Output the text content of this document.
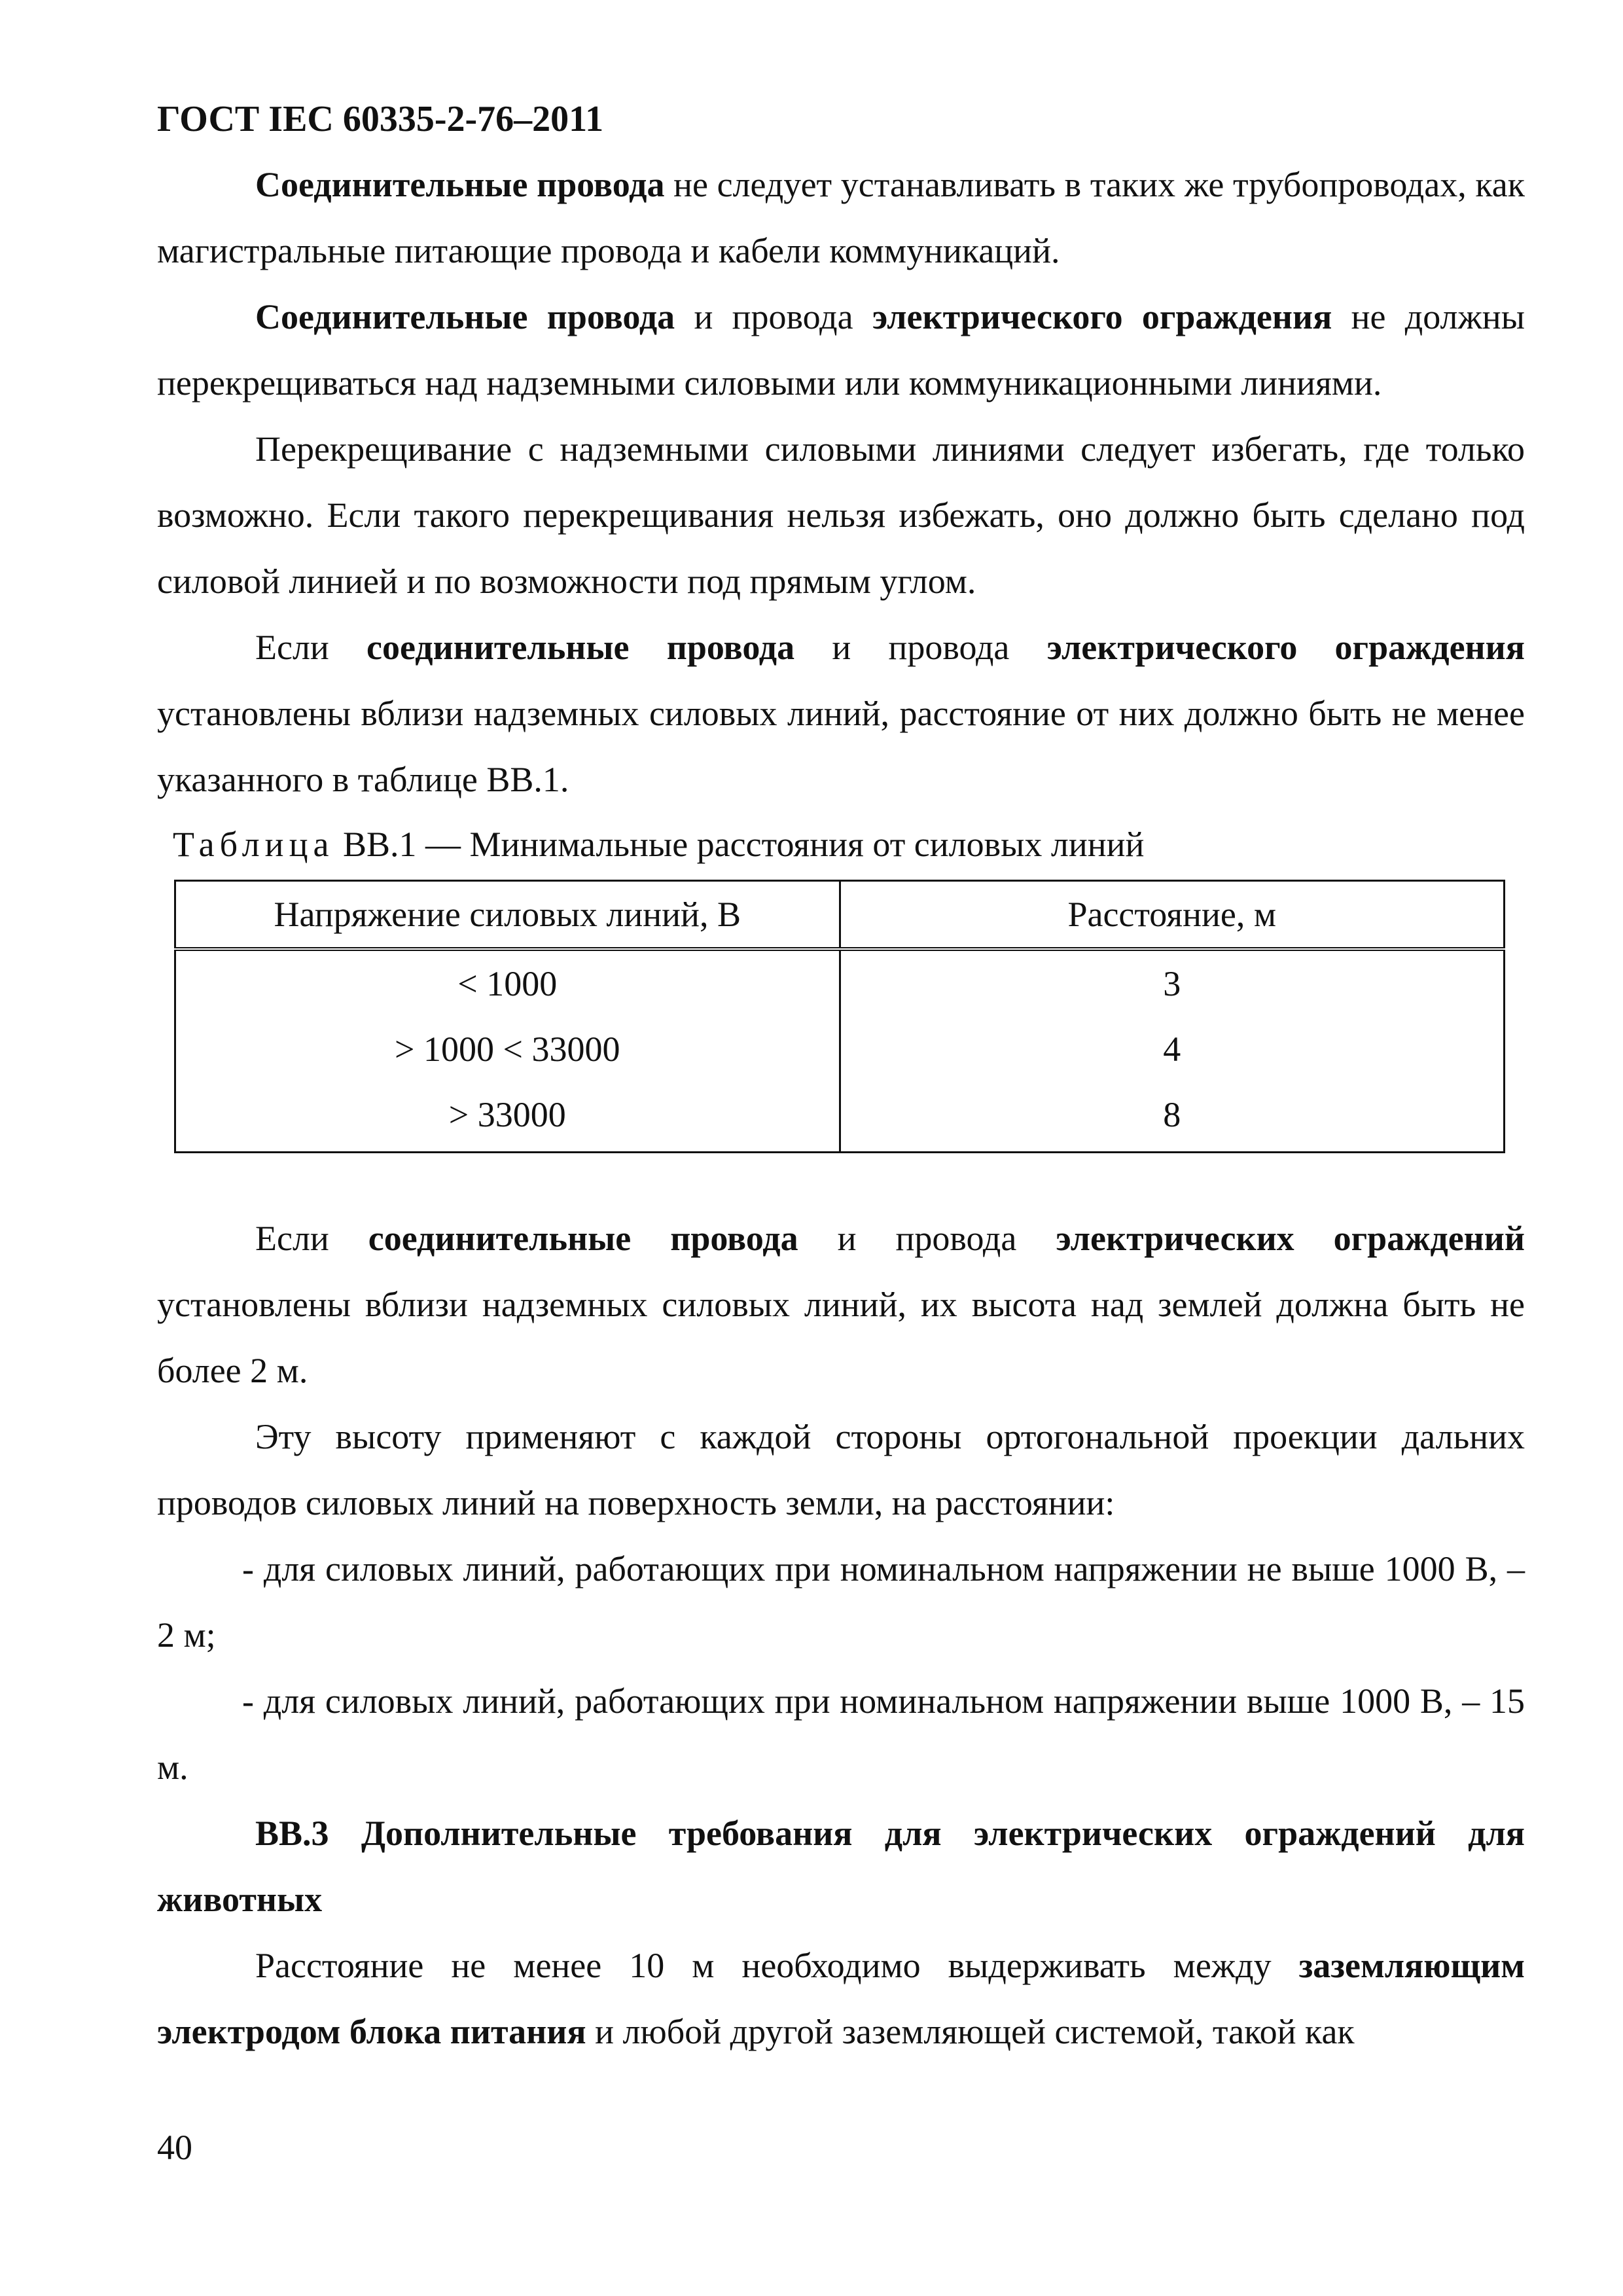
ГОСТ IEC 60335-2-76–2011

Соединительные провода не следует устанавливать в таких же трубопроводах, как магистральные питающие провода и кабели коммуникаций.

Соединительные провода и провода электрического ограждения не должны перекрещиваться над надземными силовыми или коммуникационными линиями.

Перекрещивание с надземными силовыми линиями следует избегать, где только возможно. Если такого перекрещивания нельзя избежать, оно должно быть сделано под силовой линией и по возможности под прямым углом.

Если соединительные провода и провода электрического ограждения установлены вблизи надземных силовых линий, расстояние от них должно быть не менее указанного в таблице ВВ.1.

Таблица ВВ.1 — Минимальные расстояния от силовых линий
Напряжение силовых линий, В	Расстояние, м
< 1000	3
> 1000 < 33000	4
> 33000	8

Если соединительные провода и провода электрических ограждений установлены вблизи надземных силовых линий, их высота над землей должна быть не более 2 м.

Эту высоту применяют с каждой стороны ортогональной проекции дальних проводов силовых линий на поверхность земли, на расстоянии:

- для силовых линий, работающих при номинальном напряжении не выше 1000 В, – 2 м;

- для силовых линий, работающих при номинальном напряжении выше 1000 В, – 15 м.

ВВ.3 Дополнительные требования для электрических ограждений для животных

Расстояние не менее 10 м необходимо выдерживать между заземляющим электродом блока питания и любой другой заземляющей системой, такой как

40
